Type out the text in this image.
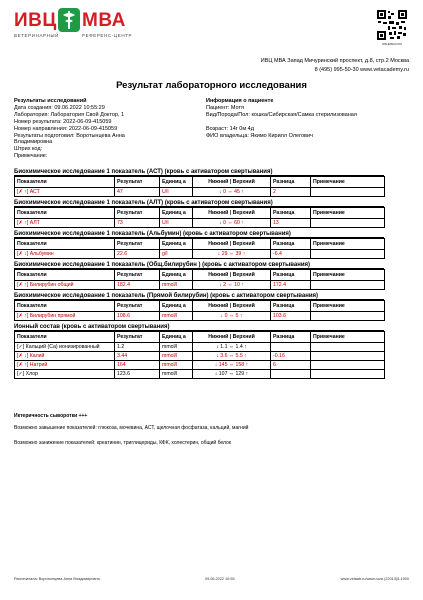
ИВЦ МВА
ВЕТЕРИНАРНЫЙ	РЕФЕРЕНС-ЦЕНТР
ИВЦМВАСОМ
ИВЦ МВА Запад Мичуринский проспект, д.8, стр.2 Москва
8 (495) 995-50-30 www.vetacademy.ru
Результат лабораторного исследования
Результаты исследований
Дата создания: 09.06.2022 10:55:29
Лаборатория: Лаборатория Свой Доктор, 1
Номер результата: 2022-06-09-415059
Номер направления: 2022-06-09-415059
Результаты подготовил: Воротынцева Анна
Владимировна
Штрих код:
Примечание:
Информация о пациенте
Пациент: Мотя
Вид/Порода/Пол: кошка/Сибирская/Самка стерилизованая
Возраст: 14г 0м 4д
ФИО владельца: Якимо Кирилл Олегович
Биохимическое исследование 1 показатель (АСТ) (кровь с активатором свертывания)
Показатели	Результат	Единиц а	Нижний | Верхний	Разница	Примечание
[✗ ↑] АСТ	47	U/I	↓ 0 ⇔ 45 ↑	2	
Биохимическое исследование 1 показатель (АЛТ) (кровь с активатором свертывания)
Показатели	Результат	Единиц а	Нижний | Верхний	Разница	Примечание
[✗ ↑] АЛТ	73	U/I	↓ 0 ⇔ 60 ↑	13	
Биохимическое исследование 1 показатель (Альбумин) (кровь с активатором свертывания)
Показатели	Результат	Единиц а	Нижний | Верхний	Разница	Примечание
[✗ ↓] Альбумин	22.6	g/l	↓ 29 ⇔ 39 ↑	-6.4	
Биохимическое исследование 1 показатель (Общ.билирубин ) (кровь с активатором свертывания)
Показатели	Результат	Единиц а	Нижний | Верхний	Разница	Примечание
[✗ ↑] Билирубин общий	182.4	mmol/l	↓ 2 ⇔ 10 ↑	172.4	
Биохимическое исследование 1 показатель (Прямой билирубин) (кровь с активатором свертывания)
Показатели	Результат	Единиц а	Нижний | Верхний	Разница	Примечание
[✗ ↑] Билирубин прямой	108.6	mmol/l	↓ 0 ⇔ 5 ↑	103.6	
Ионный состав (кровь с активатором свертывания)
Показатели	Результат	Единиц а	Нижний | Верхний	Разница	Примечание
[✓] Кальций (Ca) ионизированный	1.2	mmol/l	↓ 1.1 ⇔ 1.4 ↑		
[✗ ↓] Калий	3.44	mmol/l	↓ 3.6 ⇔ 5.5 ↑	-0.16	
[✗ ↑] Натрий	164	mmol/l	↓ 145 ⇔ 158 ↑	6	
[✓] Хлор	123.6	mmol/l	↓ 107 ⇔ 129 ↑		
Иктеричность сыворотки +++
Возможно завышение показателей: глюкоза, мочевина, АСТ, щелочная фосфатаза, кальций, магний
Возможно занижение показателей: креатинин, триглицериды, КФК, холестерин, общий белок
Распечатала: Воротынцева Анна Владимировна	09.06.2022 10:55	www.vetaab.ru/www.ruza (22013)5-1900
